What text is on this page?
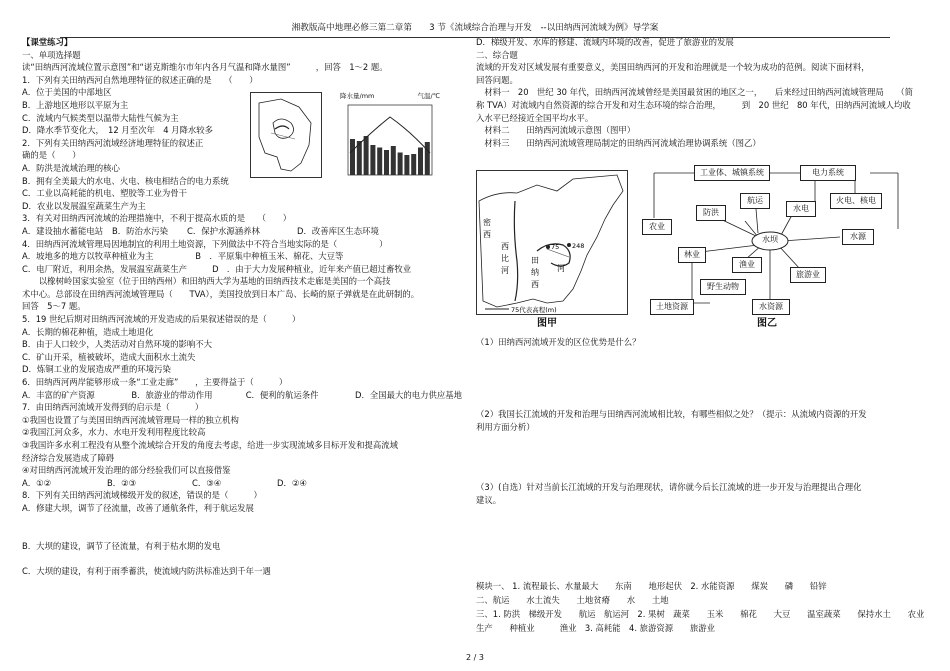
湘教版高中地理必修三第二章第　　3 节《流域综合治理与开发　--以田纳西河流域为例》导学案
【课堂练习】
一、单项选择题
读“田纳西河流域位置示意图”和“诺克斯维尔市年内各月气温和降水量图”　　　，回答　1～2 题。
1．下列有关田纳西河自然地理特征的叙述正确的是　　（　　）
A．位于美国的中部地区
B．上游地区地形以平原为主
C．流域内气候类型以温带大陆性气候为主
D．降水季节变化大，　12 月至次年　4 月降水较多
2．下列有关田纳西河流域经济地理特征的叙述正
确的是（　　）
A．防洪是流域治理的核心
B．拥有全美最大的水电、火电、核电相结合的电力系统
C．工业以高耗能的机电、塑胶等工业为骨干
D．农业以发展温室蔬菜生产为主
3．有关对田纳西河流域的治理措施中，不利于提高水质的是　　（　　）
A．建设抽水蓄能电站	B．防治水污染	C．保护水源涵养林	D．改善库区生态环境
4．田纳西河流域管理局因地制宜的利用土地资源，下列做法中不符合当地实际的是（　　　　　）
A．坡地多的地方以牧草种植业为主　　　　　B　．平原集中种植玉米、棉花、大豆等
C．电厂附近，利用余热，发展温室蔬菜生产　　　D　．由于大力发展种植业，近年来产值已超过畜牧业
　　以橡树岭国家实验室（位于田纳西州）和田纳西大学为基地的田纳西技术走廊是美国的一个高技
术中心。总部设在田纳西河流域管理局（　　TVA），美国投放到日本广岛、长崎的原子弹就是在此研制的。
回答　5～7 题。
5．19 世纪后期对田纳西河流域的开发造成的后果叙述错误的是（　　　）
A．长期的棉花种植，造成土地退化
B．由于人口较少，人类活动对自然环境的影响不大
C．矿山开采，植被破坏，造成大面积水土流失
D．炼铜工业的发展造成严重的环境污染
6．田纳西河两岸能够形成一条“工业走廊”　　，主要得益于（　　　）
A．丰富的矿产资源	B．旅游业的带动作用	C．便利的航运条件	D．全国最大的电力供应基地
7．由田纳西河流域开发得到的启示是（　　　）
①我国也设置了与美国田纳西河流域管理局一样的独立机构
②我国江河众多，水力、水电开发利用程度比较高
③我国许多水利工程没有从整个流域综合开发的角度去考虑，给进一步实现流域多目标开发和提高流域
经济综合发展造成了障碍
④对田纳西河流域开发治理的部分经验我们可以直接借鉴
A．①②	B．②③	C．③④	D．②④
8．下列有关田纳西河流域梯级开发的叙述，错误的是（　　　）
A．修建大坝，调节了径流量，改善了通航条件，利于航运发展
B．大坝的建设，调节了径流量，有利于枯水期的发电
C．大坝的建设，有利于雨季蓄洪，使流域内防洪标准达到千年一遇
降水量/mm	气温/℃
D．梯级开发、水库的修建、流域内环境的改善，促进了旅游业的发展
二、综合题
流域的开发对区域发展有重要意义，美国田纳西河的开发和治理就是一个较为成功的范例。阅读下面材料，
回答问题。
　材料一　20　世纪 30 年代，田纳西河流域曾经是美国最贫困的地区之一，　　后来经过田纳西河流域管理局　　（简
称 TVA）对流域内自然资源的综合开发和对生态环境的综合治理，　　　到　20 世纪　80 年代，田纳西河流域人均收
入水平已经接近全国平均水平。
　材料二　　田纳西河流域示意图（图甲）
　材料三　　田纳西河流域管理局制定的田纳西河流域治理协调系统（图乙）
密
西
西
比
河
田
纳
西
河
75 248
75代表高程(m)
图甲
工业体、城镇系统	电力系统
防洪
航运
水电
火电、核电
农业
水坝	水源
林业
渔业
旅游业
野生动物
土地资源	水资源
图乙
（1）田纳西河流域开发的区位优势是什么？
（2）我国长江流域的开发和治理与田纳西河流域相比较，有哪些相似之处？（提示：从流域内资源的开发
利用方面分析）
（3）(自选）针对当前长江流域的开发与治理现状，请你就今后长江流域的进一步开发与治理提出合理化
建议。
模块一、 1. 流程最长、水量最大　　东南　　地形起伏　2. 水能资源　　煤炭　　磷　　铅锌
二、航运　　水土流失　　土地贫瘠　　水　　土地
三、1. 防洪　梯级开发　　航运　航运河　2. 果树　蔬菜　　玉米　　棉花　　大豆　　温室蔬菜　　保持水土　　农业
生产　　种植业　　　渔业　3. 高耗能　4. 旅游资源　　旅游业
2 / 3
